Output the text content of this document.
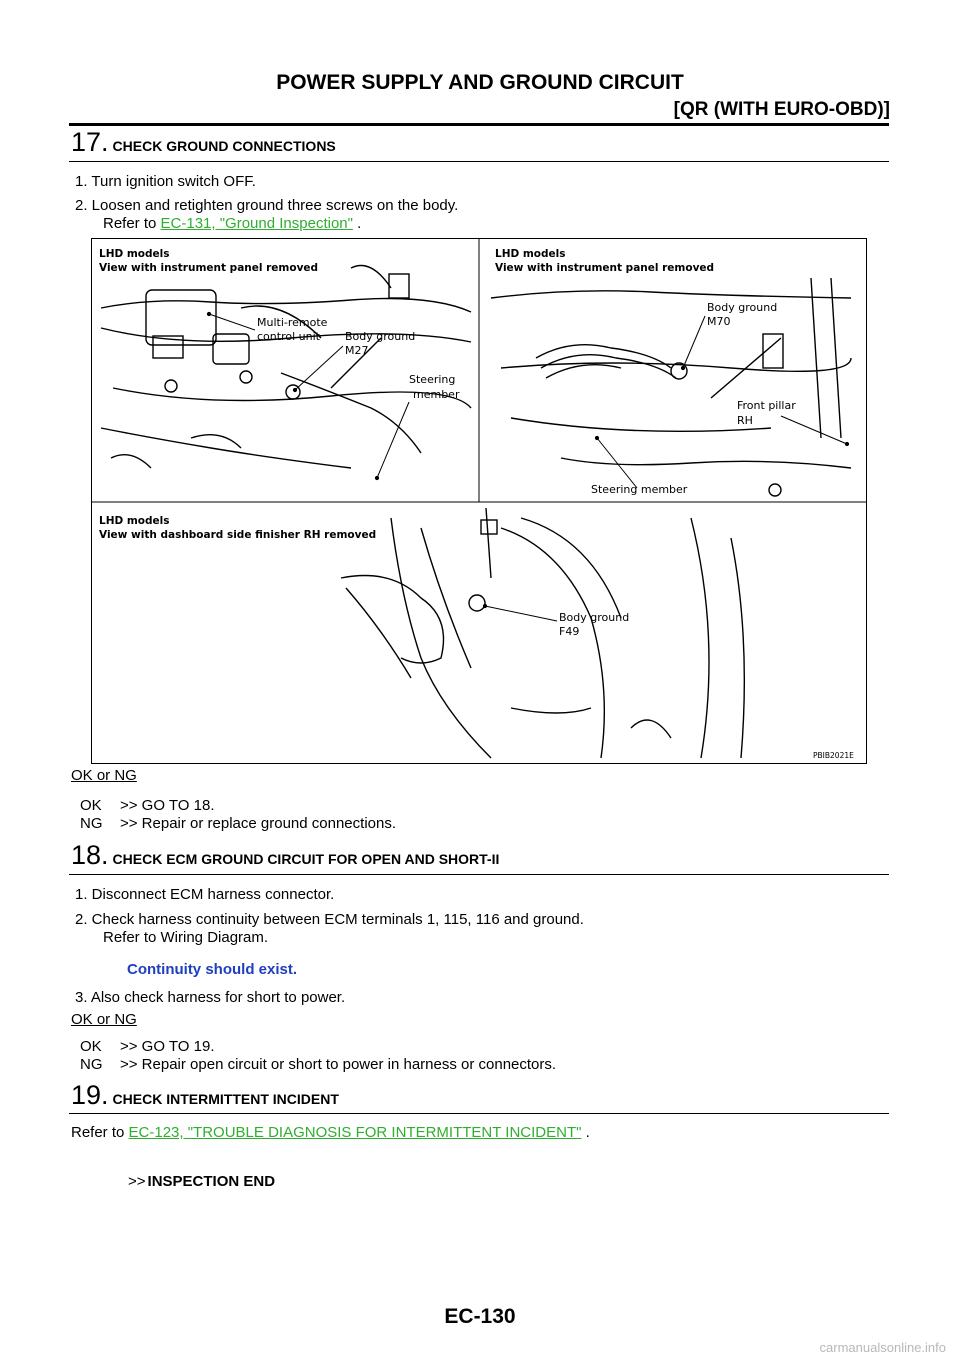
POWER SUPPLY AND GROUND CIRCUIT
[QR (WITH EURO-OBD)]
17. CHECK GROUND CONNECTIONS
1. Turn ignition switch OFF.
2. Loosen and retighten ground three screws on the body.
Refer to EC-131, "Ground Inspection" .
LHD models
View with instrument panel removed
LHD models
View with instrument panel removed
LHD models
View with dashboard side finisher RH removed
Multi-remote
control unit Body ground
M27
Steering
member
Body ground
M70
Front pillar
RH
Steering member
Body ground
F49
PBIB2021E
OK or NG
OK >> GO TO 18.
NG >> Repair or replace ground connections.
18. CHECK ECM GROUND CIRCUIT FOR OPEN AND SHORT-II
1. Disconnect ECM harness connector.
2. Check harness continuity between ECM terminals 1, 115, 116 and ground.
Refer to Wiring Diagram.
Continuity should exist.
3. Also check harness for short to power.
OK or NG
OK >> GO TO 19.
NG >> Repair open circuit or short to power in harness or connectors.
19. CHECK INTERMITTENT INCIDENT
Refer to EC-123, "TROUBLE DIAGNOSIS FOR INTERMITTENT INCIDENT" .
>> INSPECTION END
EC-130
carmanualsonline.info
